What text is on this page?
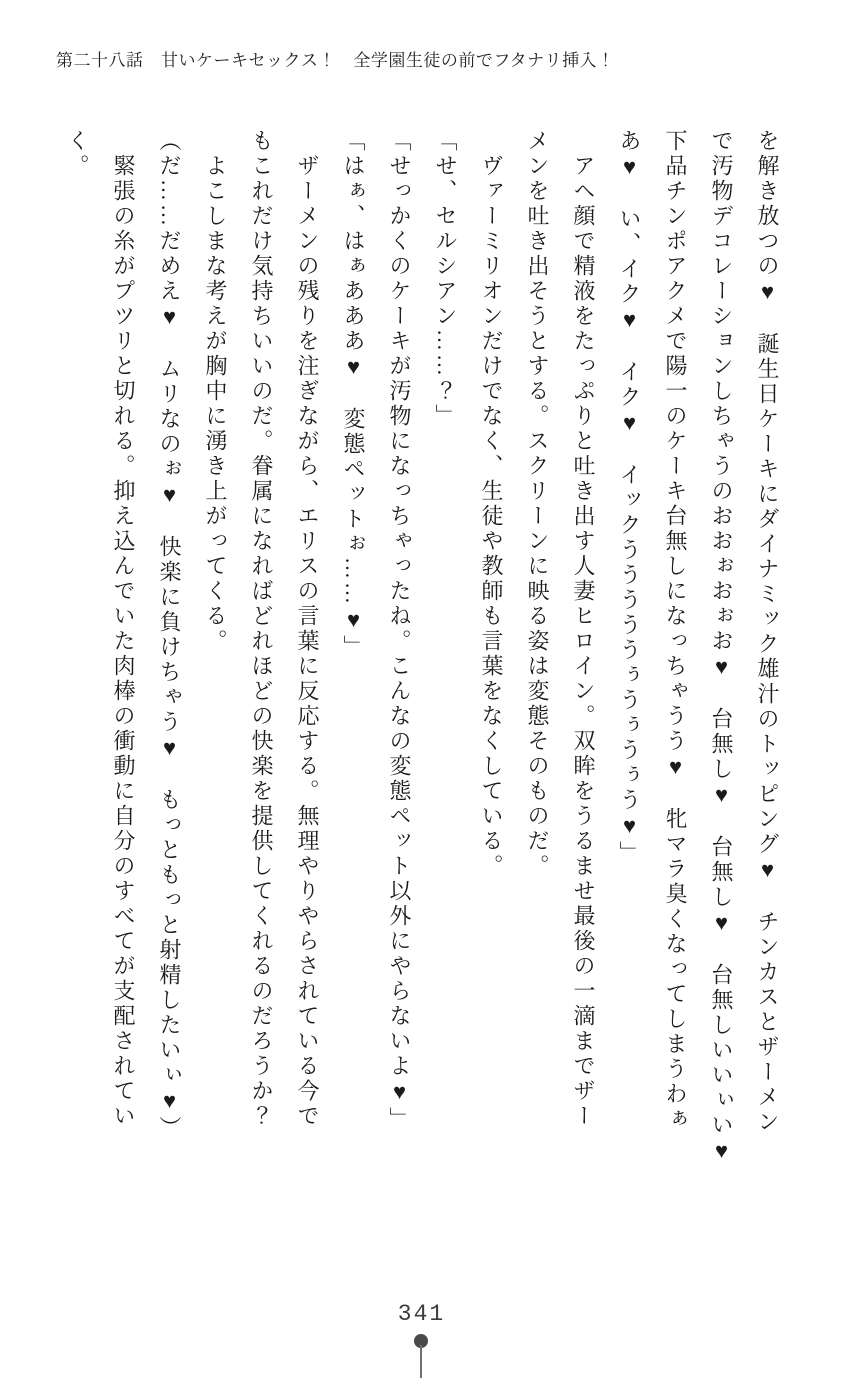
第二十八話　甘いケーキセックス！　全学園生徒の前でフタナリ挿入！

を解き放つの♥　誕生日ケーキにダイナミック雄汁のトッピング♥　チンカスとザーメン

で汚物デコレーションしちゃうのおおぉおぉお♥　台無し♥　台無し♥　台無しいいぃい♥

下品チンポアクメで陽一のケーキ台無しになっちゃうう♥　牝マラ臭くなってしまうわぁ

あ♥　い、イク♥　イク♥　イックうううううぅうぅうぅう♥」

アヘ顔で精液をたっぷりと吐き出す人妻ヒロイン。双眸をうるませ最後の一滴までザー

メンを吐き出そうとする。スクリーンに映る姿は変態そのものだ。

ヴァーミリオンだけでなく、生徒や教師も言葉をなくしている。

「せ、セルシアン……？」

「せっかくのケーキが汚物になっちゃったね。こんなの変態ペット以外にやらないよ♥」

「はぁ、はぁあああ♥　変態ペットぉ……♥」

ザーメンの残りを注ぎながら、エリスの言葉に反応する。無理やりやらされている今で

もこれだけ気持ちいいのだ。眷属になればどれほどの快楽を提供してくれるのだろうか？

よこしまな考えが胸中に湧き上がってくる。

（だ……だめえ♥　ムリなのぉ♥　快楽に負けちゃう♥　もっともっと射精したいぃ♥）

緊張の糸がプツリと切れる。抑え込んでいた肉棒の衝動に自分のすべてが支配されてい

く。

341
